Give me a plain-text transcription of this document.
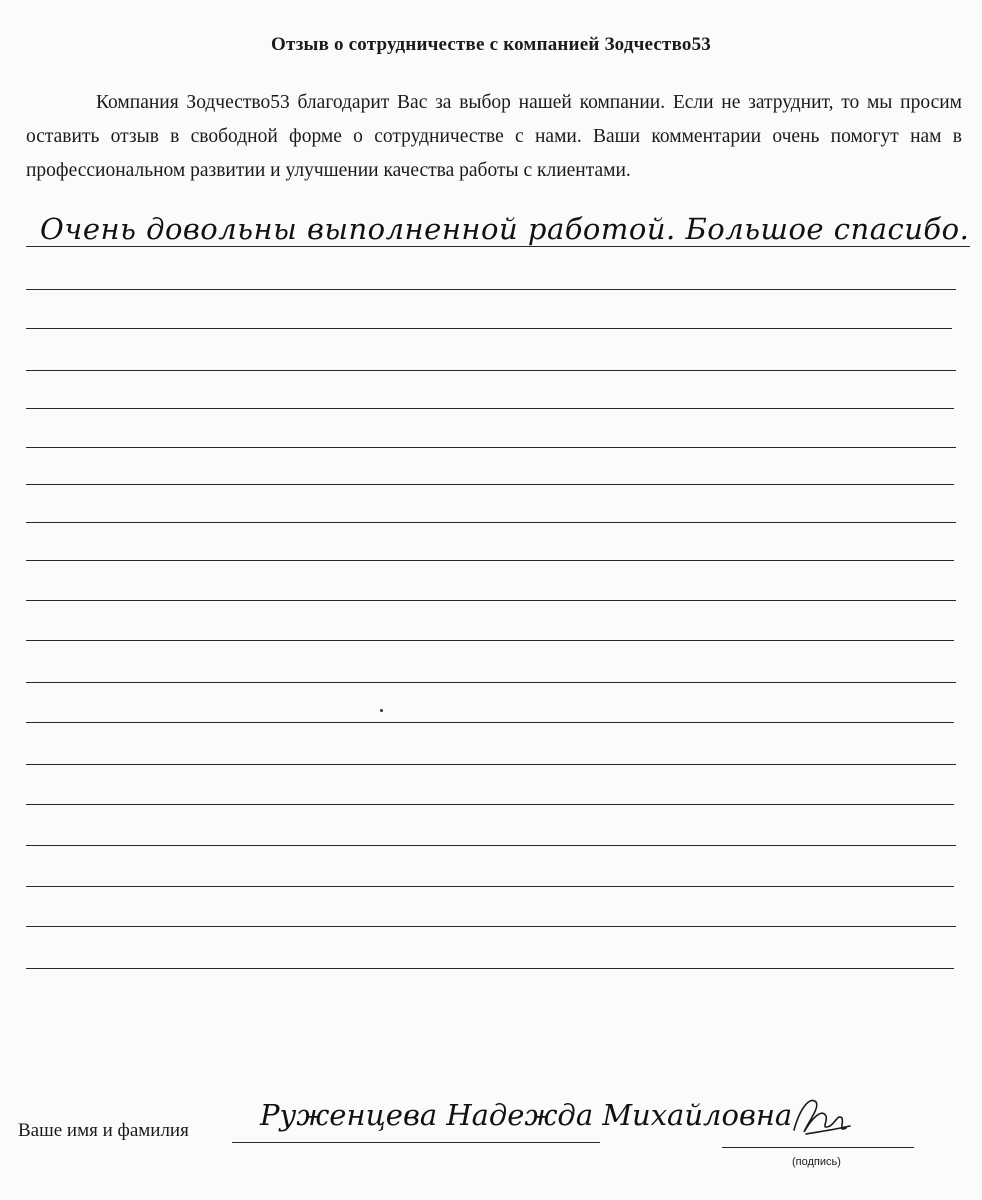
Отзыв о сотрудничестве с компанией Зодчество53
Компания Зодчество53 благодарит Вас за выбор нашей компании. Если не затруднит, то мы просим оставить отзыв в свободной форме о сотрудничестве с нами. Ваши комментарии очень помогут нам в профессиональном развитии и улучшении качества работы с клиентами.
Очень довольны выполненной работой. Большое спасибо.
Ваше имя и фамилия Руженцева Надежда Михайловна
(подпись)
